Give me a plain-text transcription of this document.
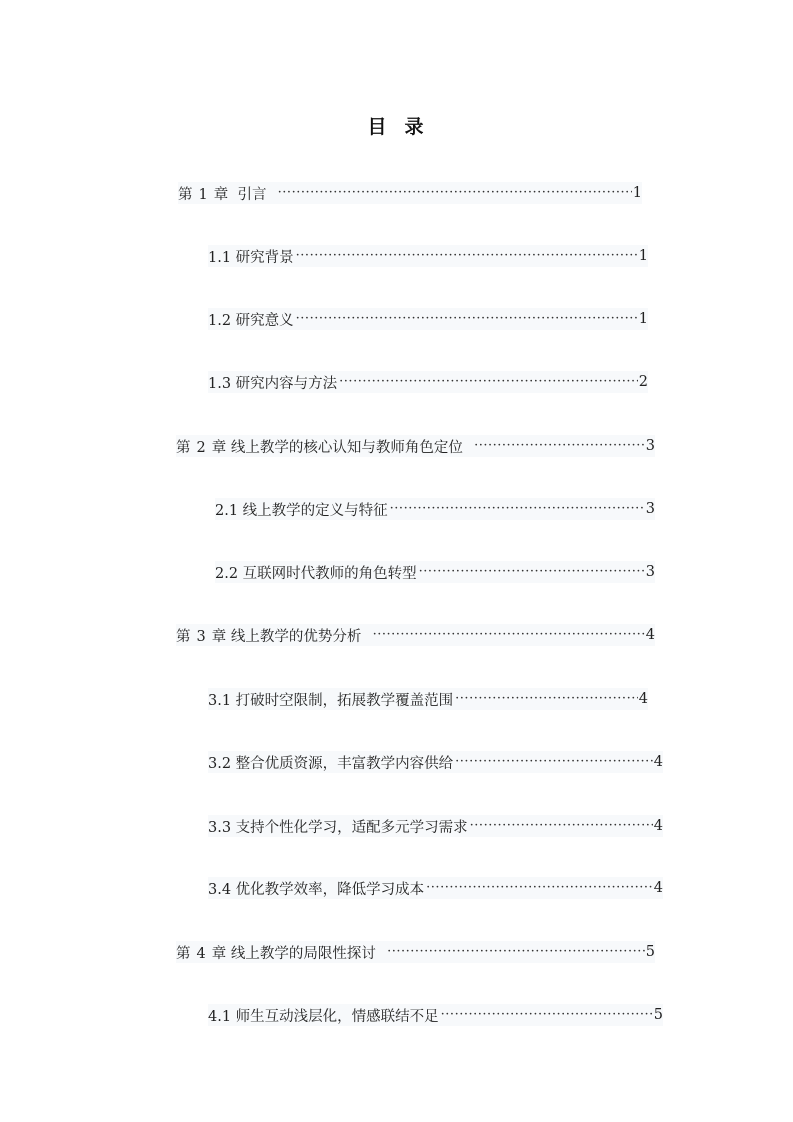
目 录
第 1 章 引言 ·····	1
1.1 研究背景 ·····	1
1.2 研究意义 ·····	1
1.3 研究内容与方法 ·····	2
第 2 章 线上教学的核心认知与教师角色定位 ·····	3
2.1 线上教学的定义与特征 ·····	3
2.2 互联网时代教师的角色转型 ·····	3
第 3 章 线上教学的优势分析 ·····	4
3.1 打破时空限制，拓展教学覆盖范围 ·····	4
3.2 整合优质资源，丰富教学内容供给 ·····	4
3.3 支持个性化学习，适配多元学习需求 ·····	4
3.4 优化教学效率，降低学习成本 ·····	4
第 4 章 线上教学的局限性探讨 ·····	5
4.1 师生互动浅层化，情感联结不足 ·····	5
